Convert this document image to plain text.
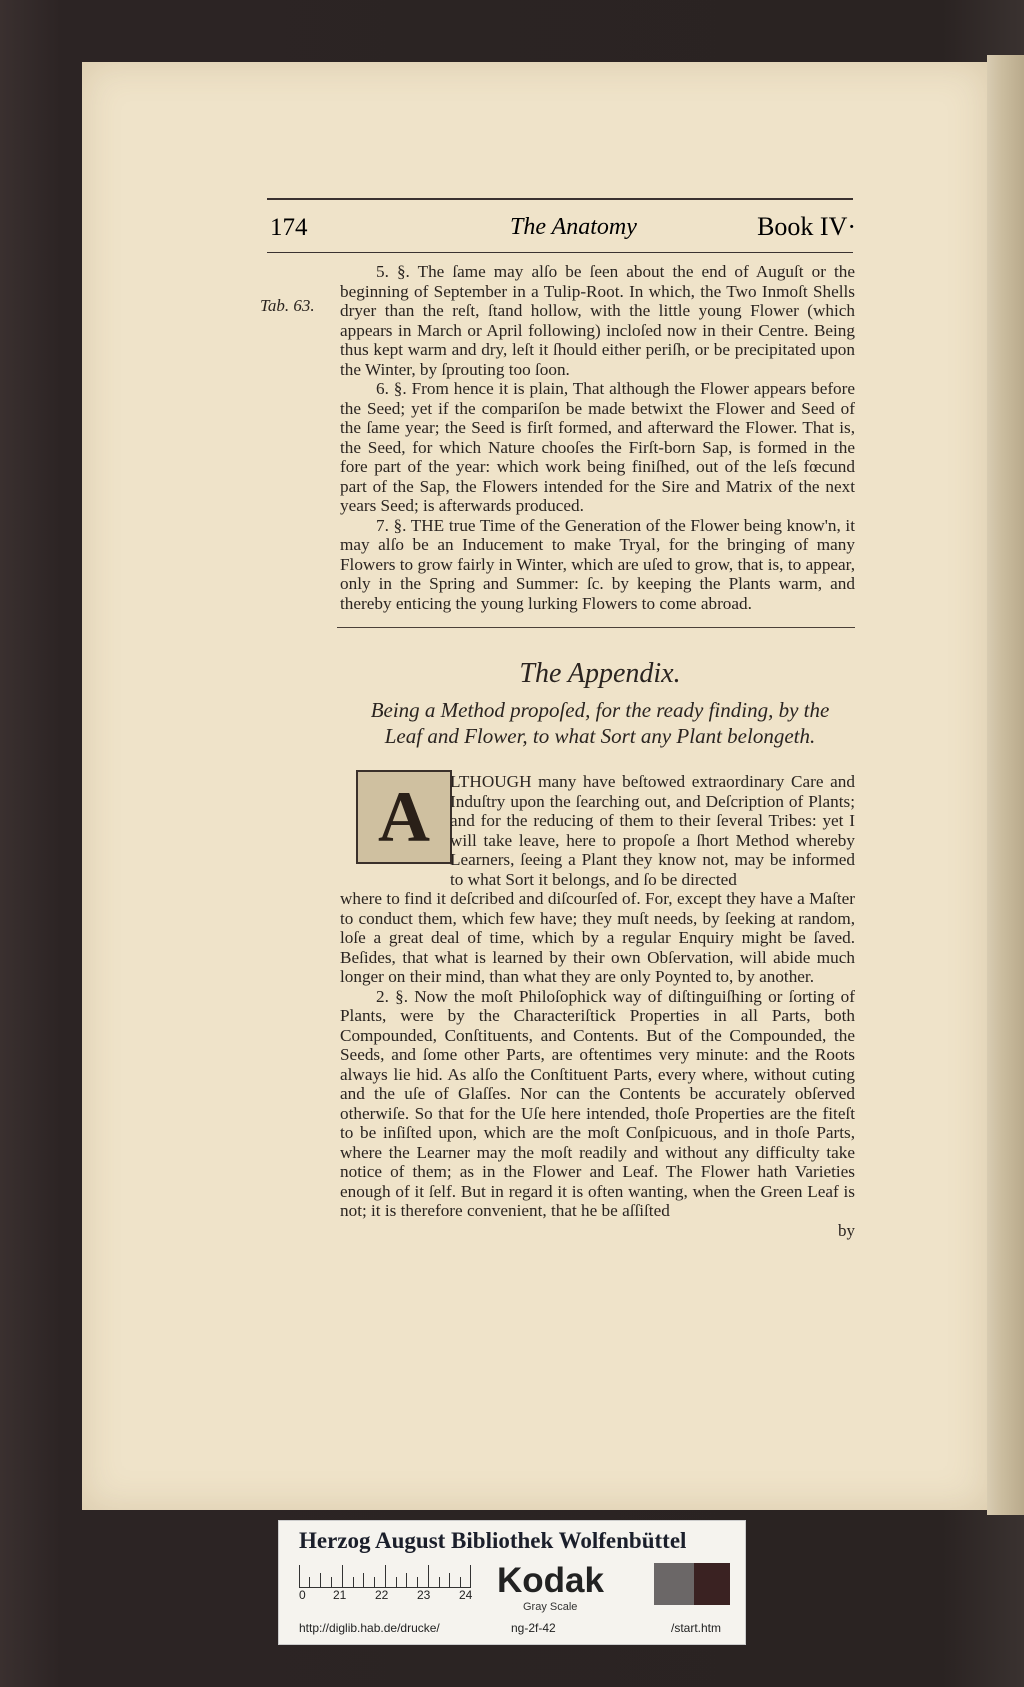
174	The Anatomy	Book IV·
Tab. 63.

5. §. The ſame may alſo be ſeen about the end of Auguſt or the beginning of September in a Tulip-Root. In which, the Two Inmoſt Shells dryer than the reſt, ſtand hollow, with the little young Flower (which appears in March or April following) incloſed now in their Centre. Being thus kept warm and dry, leſt it ſhould either periſh, or be precipitated upon the Winter, by ſprouting too ſoon.

6. §. From hence it is plain, That although the Flower appears before the Seed; yet if the compariſon be made betwixt the Flower and Seed of the ſame year; the Seed is firſt formed, and afterward the Flower. That is, the Seed, for which Nature chooſes the Firſt-born Sap, is formed in the fore part of the year: which work being finiſhed, out of the leſs fœcund part of the Sap, the Flowers intended for the Sire and Matrix of the next years Seed; is afterwards produced.

7. §. THE true Time of the Generation of the Flower being know'n, it may alſo be an Inducement to make Tryal, for the bringing of many Flowers to grow fairly in Winter, which are uſed to grow, that is, to appear, only in the Spring and Summer: ſc. by keeping the Plants warm, and thereby enticing the young lurking Flowers to come abroad.

The Appendix.
Being a Method propoſed, for the ready finding, by the
Leaf and Flower, to what Sort any Plant belongeth.
A	LTHOUGH many have beſtowed extraordinary Care and Induſtry upon the ſearching out, and Deſcription of Plants; and for the reducing of them to their ſeveral Tribes: yet I will take leave, here to propoſe a ſhort Method whereby Learners, ſeeing a Plant they know not, may be informed to what Sort it belongs, and ſo be directed

where to find it deſcribed and diſcourſed of. For, except they have a Maſter to conduct them, which few have; they muſt needs, by ſeeking at random, loſe a great deal of time, which by a regular Enquiry might be ſaved. Beſides, that what is learned by their own Obſervation, will abide much longer on their mind, than what they are only Poynted to, by another.

2. §. Now the moſt Philoſophick way of diſtinguiſhing or ſorting of Plants, were by the Characteriſtick Properties in all Parts, both Compounded, Conſtituents, and Contents. But of the Compounded, the Seeds, and ſome other Parts, are oftentimes very minute: and the Roots always lie hid. As alſo the Conſtituent Parts, every where, without cuting and the uſe of Glaſſes. Nor can the Contents be accurately obſerved otherwiſe. So that for the Uſe here intended, thoſe Properties are the fiteſt to be inſiſted upon, which are the moſt Conſpicuous, and in thoſe Parts, where the Learner may the moſt readily and without any difficulty take notice of them; as in the Flower and Leaf. The Flower hath Varieties enough of it ſelf. But in regard it is often wanting, when the Green Leaf is not; it is therefore convenient, that he be aſſiſted

by
Herzog August Bibliothek Wolfenbüttel
0 21 22 23 24 Kodak
Gray Scale
http://diglib.hab.de/drucke/	ng-2f-42	/start.htm
